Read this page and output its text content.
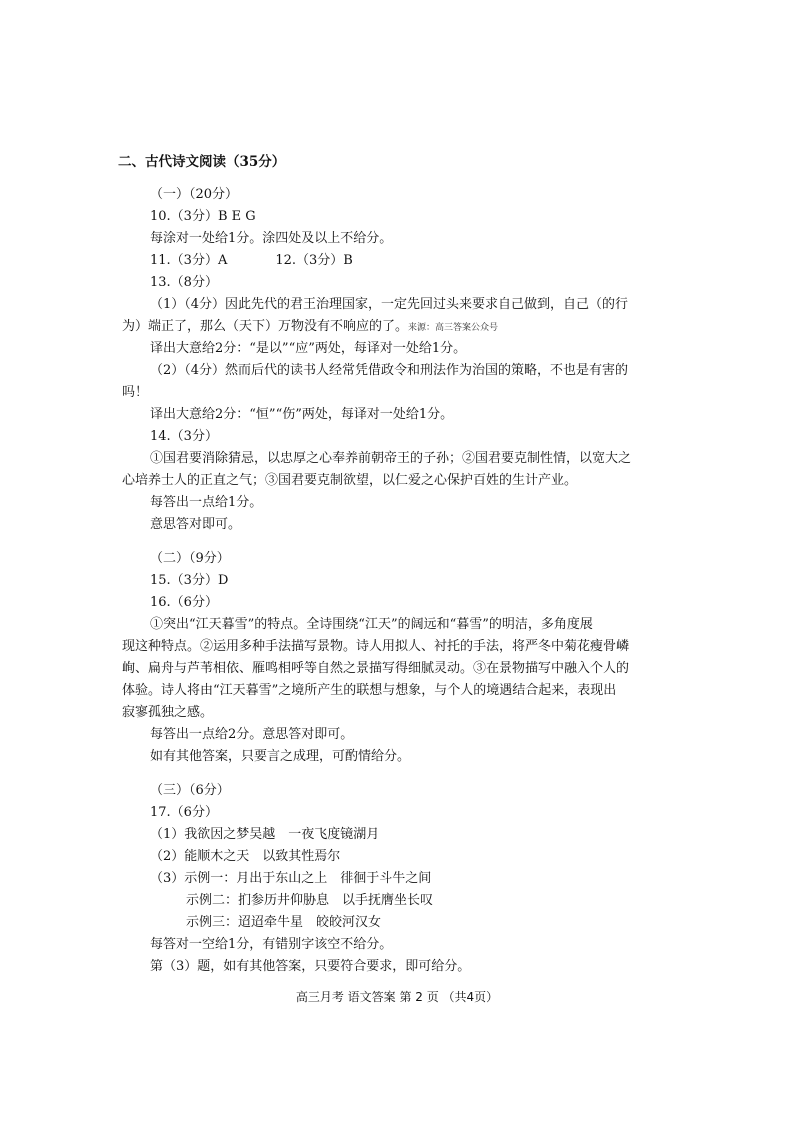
二、古代诗文阅读（35分）
（一）（20分）
10.（3分）B E G
每涂对一处给1分。涂四处及以上不给分。
11.（3分）A	12.（3分）B
13.（8分）
（1）（4分）因此先代的君王治理国家，一定先回过头来要求自己做到，自己（的行
为）端正了，那么（天下）万物没有不响应的了。来源：高三答案公众号
译出大意给2分：“是以”“应”两处，每译对一处给1分。
（2）（4分）然而后代的读书人经常凭借政令和刑法作为治国的策略，不也是有害的
吗！
译出大意给2分：“恒”“伤”两处，每译对一处给1分。
14.（3分）
①国君要消除猜忌，以忠厚之心奉养前朝帝王的子孙；②国君要克制性情，以宽大之
心培养士人的正直之气；③国君要克制欲望，以仁爱之心保护百姓的生计产业。
每答出一点给1分。
意思答对即可。
（二）（9分）
15.（3分）D
16.（6分）
①突出“江天暮雪”的特点。全诗围绕“江天”的阔远和“暮雪”的明洁，多角度展
现这种特点。②运用多种手法描写景物。诗人用拟人、衬托的手法，将严冬中菊花瘦骨嶙
峋、扁舟与芦苇相依、雁鸣相呼等自然之景描写得细腻灵动。③在景物描写中融入个人的
体验。诗人将由“江天暮雪”之境所产生的联想与想象，与个人的境遇结合起来，表现出
寂寥孤独之感。
每答出一点给2分。意思答对即可。
如有其他答案，只要言之成理，可酌情给分。
（三）（6分）
17.（6分）
（1）我欲因之梦吴越　一夜飞度镜湖月
（2）能顺木之天　以致其性焉尔
（3）示例一：月出于东山之上　徘徊于斗牛之间
示例二：扪参历井仰胁息　以手抚膺坐长叹
示例三：迢迢牵牛星　皎皎河汉女
每答对一空给1分，有错别字该空不给分。
第（3）题，如有其他答案，只要符合要求，即可给分。
高三月考 语文答案 第 2 页 （共4页）
